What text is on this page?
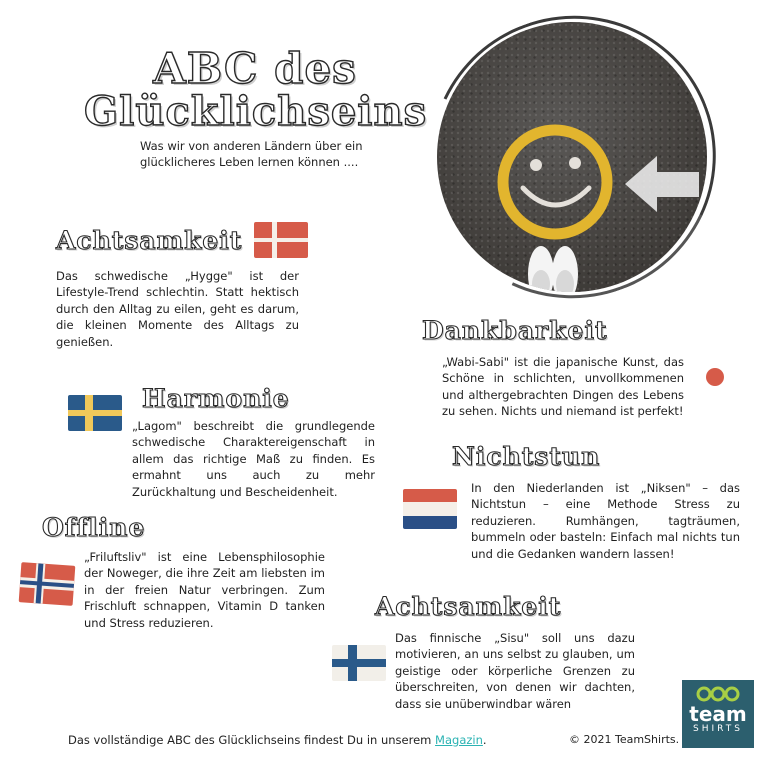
ABC des
Glücklichseins
Was wir von anderen Ländern über ein glücklicheres Leben lernen können ....
Achtsamkeit
Das schwedische „Hygge" ist der Lifestyle-Trend schlechtin. Statt hektisch durch den Alltag zu eilen, geht es darum, die kleinen Momente des Alltags zu genießen.	Dankbarkeit
„Wabi-Sabi" ist die japanische Kunst, das Schöne in schlichten, unvollkommenen und althergebrachten Dingen des Lebens zu sehen. Nichts und niemand ist perfekt!
Harmonie
„Lagom" beschreibt die grundlegende schwedische Charaktereigenschaft in allem das richtige Maß zu finden. Es ermahnt uns auch zu mehr Zurückhaltung und Bescheidenheit.
Nichtstun
In den Niederlanden ist „Niksen" – das Nichtstun – eine Methode Stress zu reduzieren. Rumhängen, tagträumen, bummeln oder basteln: Einfach mal nichts tun und die Gedanken wandern lassen!
Offline
„Friluftsliv" ist eine Lebensphilosophie der Noweger, die ihre Zeit am liebsten im in der freien Natur verbringen. Zum Frischluft schnappen, Vitamin D tanken und Stress reduzieren.
Achtsamkeit
Das finnische „Sisu" soll uns dazu motivieren, an uns selbst zu glauben, um geistige oder körperliche Grenzen zu überschreiten, von denen wir dachten, dass sie unüberwindbar wären	team
SHIRTS
Das vollständige ABC des Glücklichseins findest Du in unserem Magazin.	© 2021 TeamShirts.
